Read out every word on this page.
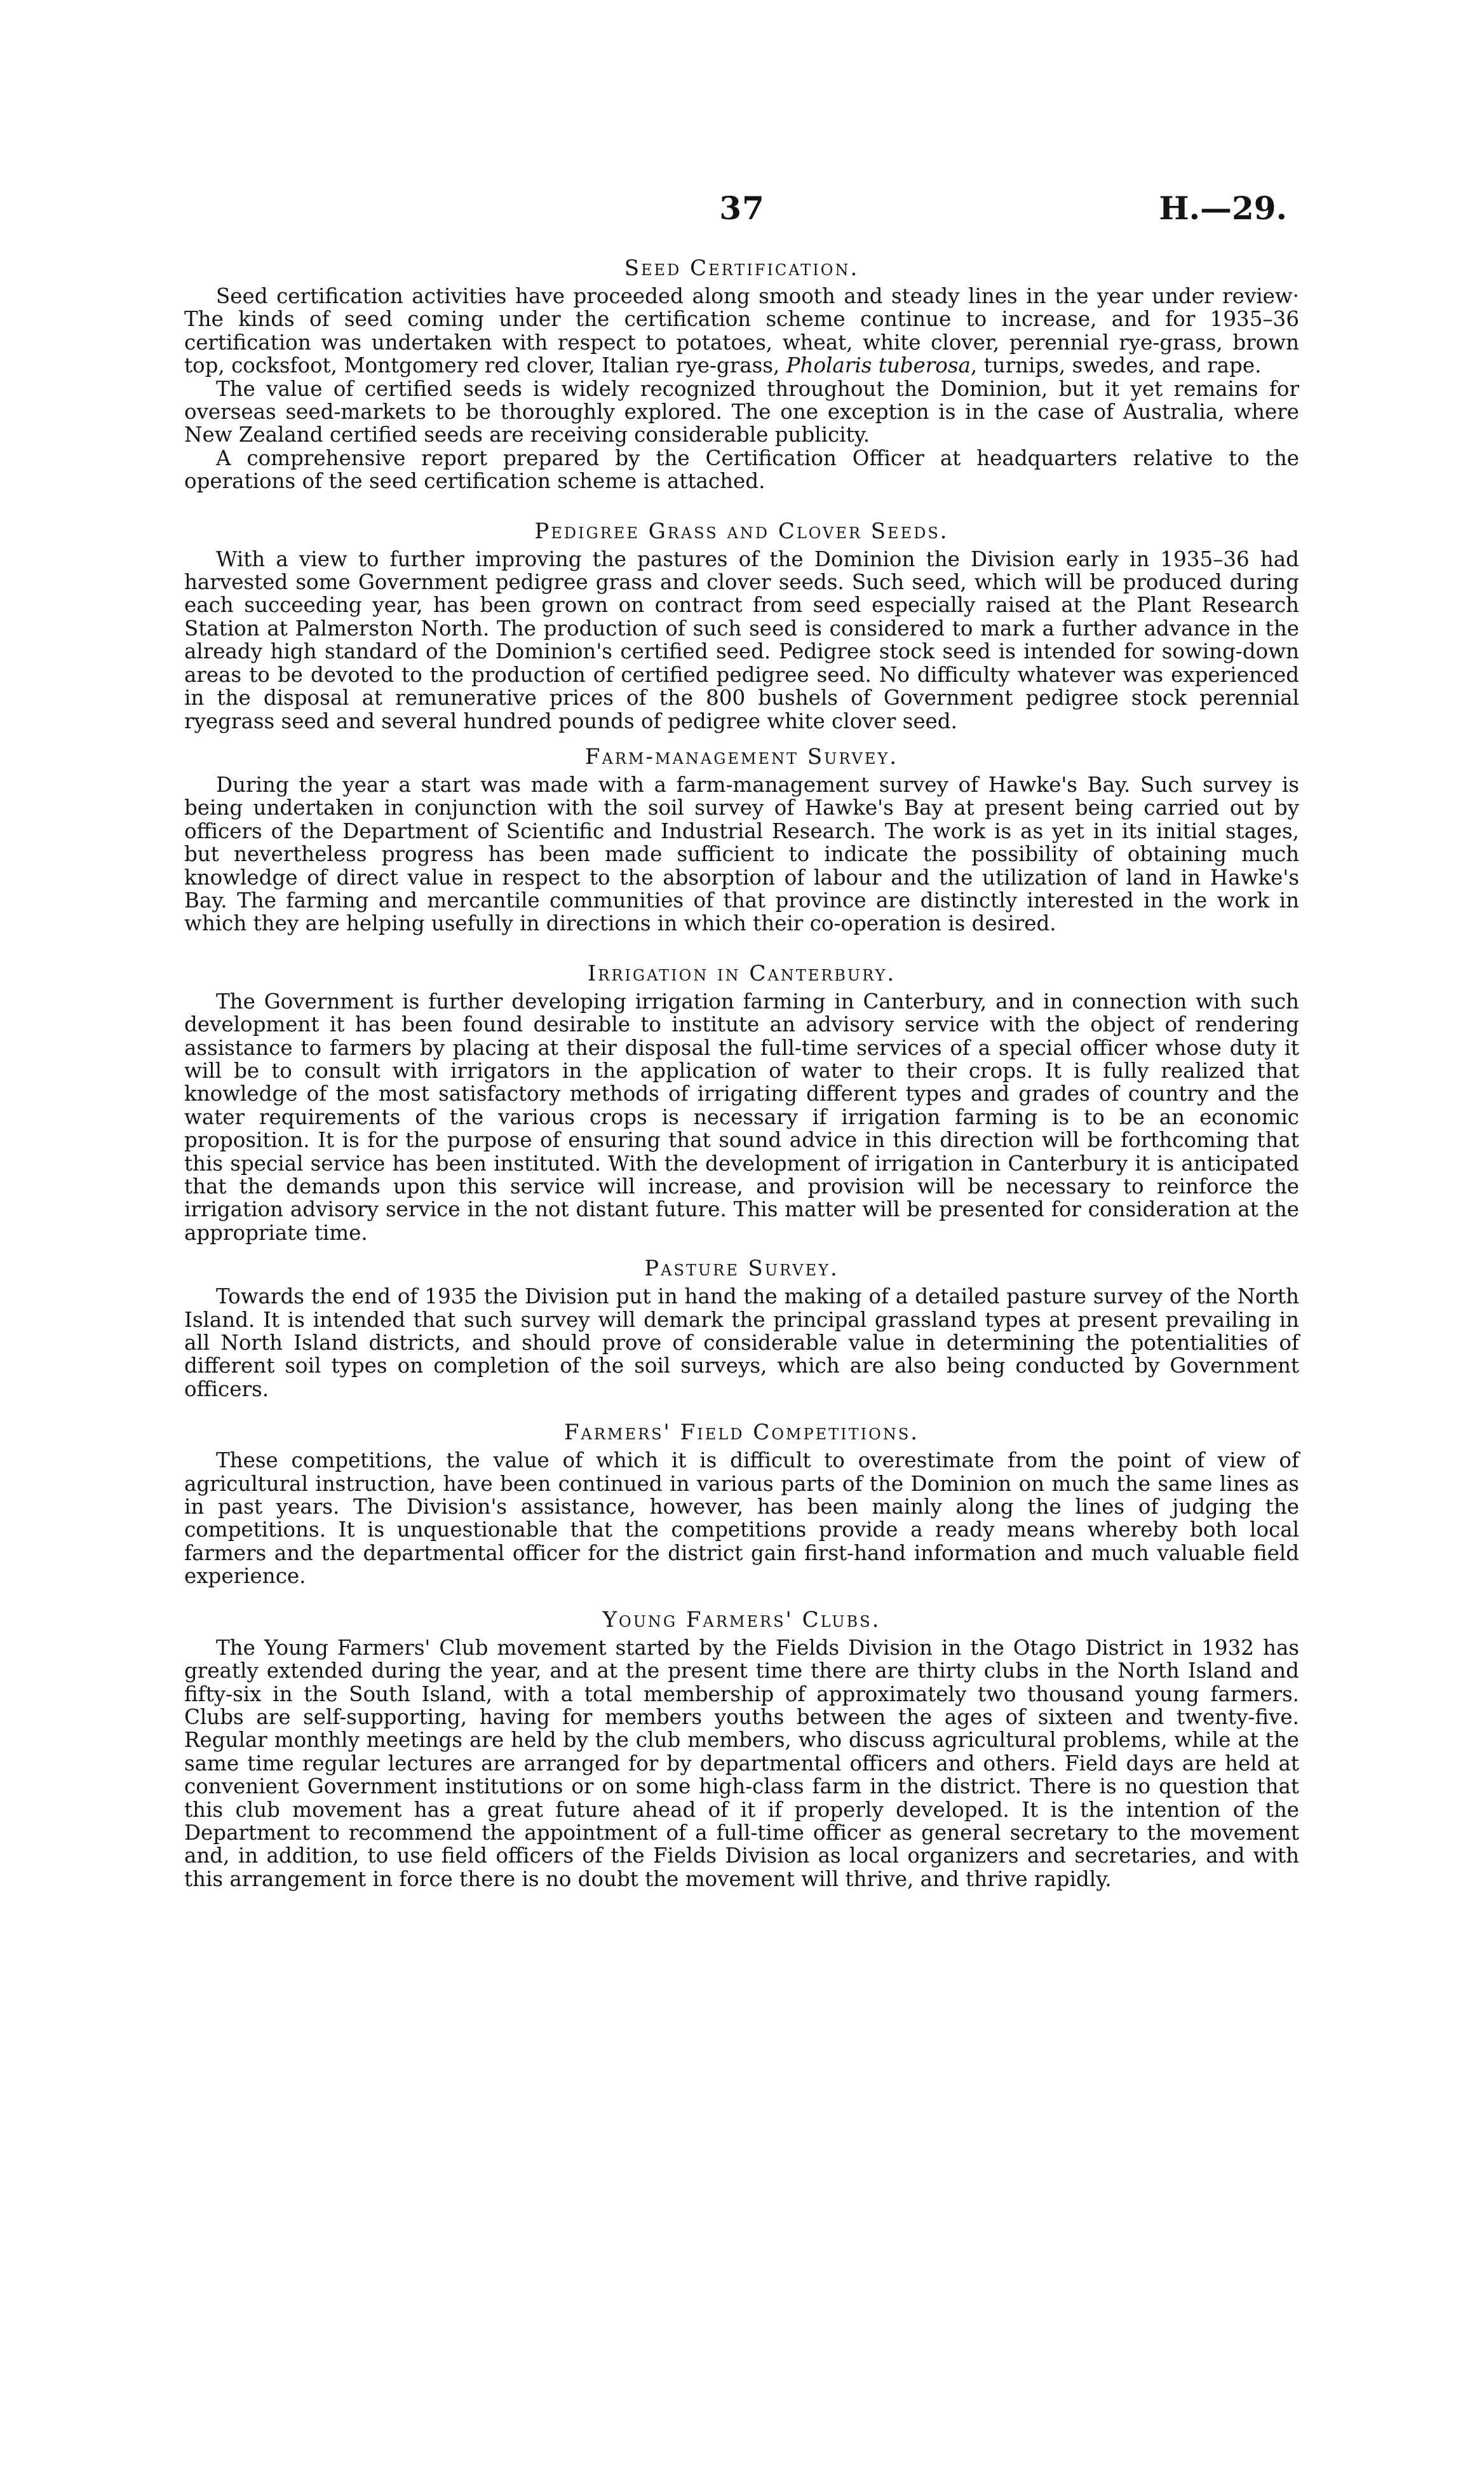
37	H.—29.
Seed Certification.

Seed certification activities have proceeded along smooth and steady lines in the year under review· The kinds of seed coming under the certification scheme continue to increase, and for 1935–36 certification was undertaken with respect to potatoes, wheat, white clover, perennial rye-grass, brown top, cocksfoot, Montgomery red clover, Italian rye-grass, Pholaris tuberosa, turnips, swedes, and rape.

The value of certified seeds is widely recognized throughout the Dominion, but it yet remains for overseas seed-markets to be thoroughly explored. The one exception is in the case of Australia, where New Zealand certified seeds are receiving considerable publicity.

A comprehensive report prepared by the Certification Officer at headquarters relative to the operations of the seed certification scheme is attached.

Pedigree Grass and Clover Seeds.

With a view to further improving the pastures of the Dominion the Division early in 1935–36 had harvested some Government pedigree grass and clover seeds. Such seed, which will be produced during each succeeding year, has been grown on contract from seed especially raised at the Plant Research Station at Palmerston North. The production of such seed is considered to mark a further advance in the already high standard of the Dominion's certified seed. Pedigree stock seed is intended for sowing-down areas to be devoted to the production of certified pedigree seed. No difficulty whatever was experienced in the disposal at remunerative prices of the 800 bushels of Government pedigree stock perennial ryegrass seed and several hundred pounds of pedigree white clover seed.

Farm-management Survey.

During the year a start was made with a farm-management survey of Hawke's Bay. Such survey is being undertaken in conjunction with the soil survey of Hawke's Bay at present being carried out by officers of the Department of Scientific and Industrial Research. The work is as yet in its initial stages, but nevertheless progress has been made sufficient to indicate the possibility of obtaining much knowledge of direct value in respect to the absorption of labour and the utilization of land in Hawke's Bay. The farming and mercantile communities of that province are distinctly interested in the work in which they are helping usefully in directions in which their co-operation is desired.

Irrigation in Canterbury.

The Government is further developing irrigation farming in Canterbury, and in connection with such development it has been found desirable to institute an advisory service with the object of rendering assistance to farmers by placing at their disposal the full-time services of a special officer whose duty it will be to consult with irrigators in the application of water to their crops. It is fully realized that knowledge of the most satisfactory methods of irrigating different types and grades of country and the water requirements of the various crops is necessary if irrigation farming is to be an economic proposition. It is for the purpose of ensuring that sound advice in this direction will be forthcoming that this special service has been instituted. With the development of irrigation in Canterbury it is anticipated that the demands upon this service will increase, and provision will be necessary to reinforce the irrigation advisory service in the not distant future. This matter will be presented for consideration at the appropriate time.

Pasture Survey.

Towards the end of 1935 the Division put in hand the making of a detailed pasture survey of the North Island. It is intended that such survey will demark the principal grassland types at present prevailing in all North Island districts, and should prove of considerable value in determining the potentialities of different soil types on completion of the soil surveys, which are also being conducted by Government officers.

Farmers' Field Competitions.

These competitions, the value of which it is difficult to overestimate from the point of view of agricultural instruction, have been continued in various parts of the Dominion on much the same lines as in past years. The Division's assistance, however, has been mainly along the lines of judging the competitions. It is unquestionable that the competitions provide a ready means whereby both local farmers and the departmental officer for the district gain first-hand information and much valuable field experience.

Young Farmers' Clubs.

The Young Farmers' Club movement started by the Fields Division in the Otago District in 1932 has greatly extended during the year, and at the present time there are thirty clubs in the North Island and fifty-six in the South Island, with a total membership of approximately two thousand young farmers. Clubs are self-supporting, having for members youths between the ages of sixteen and twenty-five. Regular monthly meetings are held by the club members, who discuss agricultural problems, while at the same time regular lectures are arranged for by departmental officers and others. Field days are held at convenient Government institutions or on some high-class farm in the district. There is no question that this club movement has a great future ahead of it if properly developed. It is the intention of the Department to recommend the appointment of a full-time officer as general secretary to the movement and, in addition, to use field officers of the Fields Division as local organizers and secretaries, and with this arrangement in force there is no doubt the movement will thrive, and thrive rapidly.
